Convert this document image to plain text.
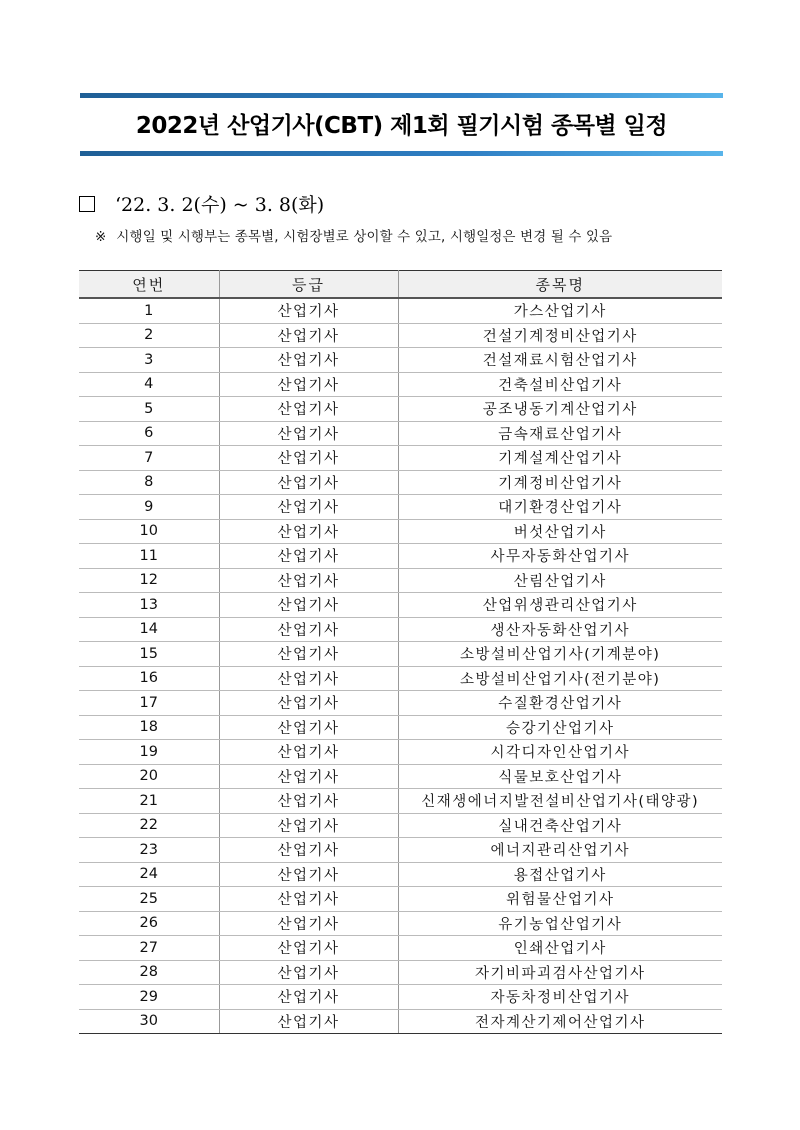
2022년 산업기사(CBT) 제1회 필기시험 종목별 일정
‘22. 3. 2(수) ~ 3. 8(화)
※ 시행일 및 시행부는 종목별, 시험장별로 상이할 수 있고, 시행일정은 변경 될 수 있음
연번	등급	종목명
1	산업기사	가스산업기사
2	산업기사	건설기계정비산업기사
3	산업기사	건설재료시험산업기사
4	산업기사	건축설비산업기사
5	산업기사	공조냉동기계산업기사
6	산업기사	금속재료산업기사
7	산업기사	기계설계산업기사
8	산업기사	기계정비산업기사
9	산업기사	대기환경산업기사
10	산업기사	버섯산업기사
11	산업기사	사무자동화산업기사
12	산업기사	산림산업기사
13	산업기사	산업위생관리산업기사
14	산업기사	생산자동화산업기사
15	산업기사	소방설비산업기사(기계분야)
16	산업기사	소방설비산업기사(전기분야)
17	산업기사	수질환경산업기사
18	산업기사	승강기산업기사
19	산업기사	시각디자인산업기사
20	산업기사	식물보호산업기사
21	산업기사	신재생에너지발전설비산업기사(태양광)
22	산업기사	실내건축산업기사
23	산업기사	에너지관리산업기사
24	산업기사	용접산업기사
25	산업기사	위험물산업기사
26	산업기사	유기농업산업기사
27	산업기사	인쇄산업기사
28	산업기사	자기비파괴검사산업기사
29	산업기사	자동차정비산업기사
30	산업기사	전자계산기제어산업기사
